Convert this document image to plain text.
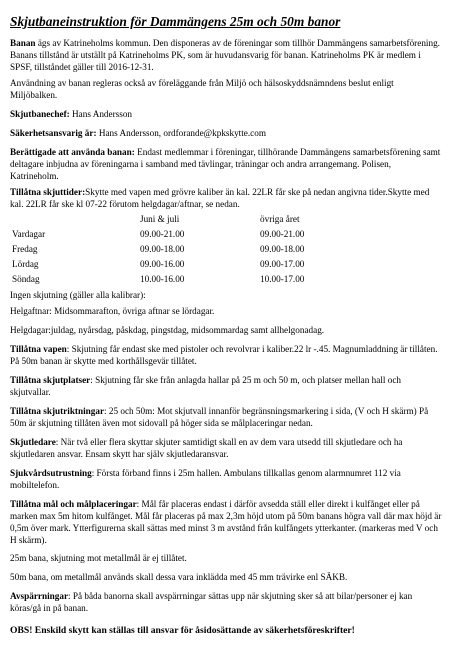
Skjutbaneinstruktion för Dammängens 25m och 50m banor

Banan ägs av Katrineholms kommun. Den disponeras av de föreningar som tillhör Dammängens samarbetsförening. Banans tillstånd är utställt på Katrineholms PK, som är huvudansvarig för banan. Katrineholms PK är medlem i SPSF, tillståndet gäller till 2016-12-31.

Användning av banan regleras också av föreläggande från Miljö och hälsoskyddsnämndens beslut enligt Miljöbalken.

Skjutbanechef: Hans Andersson

Säkerhetsansvarig är: Hans Andersson, ordforande@kpkskytte.com

Berättigade att använda banan: Endast medlemmar i föreningar, tillhörande Dammängens samarbetsförening samt deltagare inbjudna av föreningarna i samband med tävlingar, träningar och andra arrangemang. Polisen, Katrineholm.

Tillåtna skjuttider:Skytte med vapen med grövre kaliber än kal. 22LR får ske på nedan angivna tider.Skytte med kal. 22LR får ske kl 07-22 förutom helgdagar/aftnar, se nedan.

	Juni & juli	övriga året
Vardagar	09.00-21.00	09.00-21.00
Fredag	09.00-18.00	09.00-18.00
Lördag	09.00-16.00	09.00-17.00
Söndag	10.00-16.00	10.00-17.00

Ingen skjutning (gäller alla kalibrar):

Helgaftnar: Midsommarafton, övriga aftnar se lördagar.

Helgdagar:juldag, nyårsdag, påskdag, pingstdag, midsommardag samt allhelgonadag.

Tillåtna vapen: Skjutning får endast ske med pistoler och revolvrar i kaliber.22 lr -.45. Magnumladdning är tillåten. På 50m banan är skytte med korthållsgevär tillåtet.

Tillåtna skjutplatser: Skjutning får ske från anlagda hallar på 25 m och 50 m, och platser mellan hall och skjutvallar.

Tillåtna skjutriktningar: 25 och 50m: Mot skjutvall innanför begränsningsmarkering i sida, (V och H skärm) På 50m är skjutning tillåten även mot sidovall på höger sida se målplaceringar nedan.

Skjutledare: När två eller flera skyttar skjuter samtidigt skall en av dem vara utsedd till skjutledare och ha skjutledaren ansvar. Ensam skytt har själv skjutledaransvar.

Sjukvårdsutrustning: Första förband finns i 25m hallen. Ambulans tillkallas genom alarmnumret 112 via mobiltelefon.

Tillåtna mål och målplaceringar: Mål får placeras endast i därför avsedda ställ eller direkt i kulfånget eller på marken max 5m hitom kulfånget. Mål får placeras på max 2,3m höjd utom på 50m banans högra vall där max höjd är 0,5m över mark. Ytterfigurerna skall sättas med minst 3 m avstånd från kulfångets ytterkanter. (markeras med V och H skärm).

25m bana, skjutning mot metallmål är ej tillåtet.

50m bana, om metallmål används skall dessa vara inklädda med 45 mm trävirke enl SÄKB.

Avspärrningar: På båda banorna skall avspärrningar sättas upp när skjutning sker så att bilar/personer ej kan köras/gå in på banan.

OBS! Enskild skytt kan ställas till ansvar för åsidosättande av säkerhetsföreskrifter!
